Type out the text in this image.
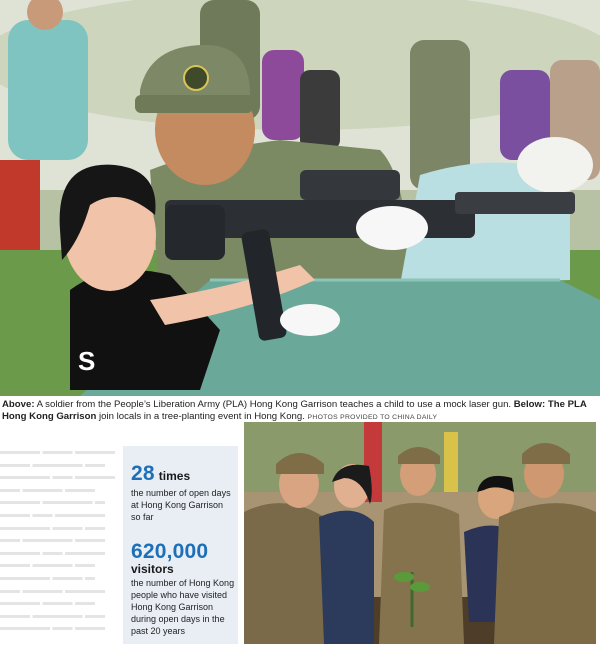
S
Above: A soldier from the People’s Liberation Army (PLA) Hong Kong Garrison teaches a child to use a mock laser gun. Below: The PLA Hong Kong Garrison join locals in a tree-planting event in Hong Kong. PHOTOS PROVIDED TO CHINA DAILY
▬▬▬▬ ▬▬▬ ▬▬▬▬
▬▬▬ ▬▬▬▬▬ ▬▬
▬▬▬▬▬ ▬▬ ▬▬▬▬
▬▬ ▬▬▬▬ ▬▬▬
▬▬▬▬ ▬▬▬▬▬ ▬
▬▬▬ ▬▬ ▬▬▬▬▬
▬▬▬▬▬ ▬▬▬ ▬▬
▬▬ ▬▬▬▬▬ ▬▬▬
▬▬▬▬ ▬▬ ▬▬▬▬
▬▬▬ ▬▬▬▬ ▬▬
▬▬▬▬▬ ▬▬▬ ▬
▬▬ ▬▬▬▬ ▬▬▬▬
▬▬▬▬ ▬▬▬ ▬▬
▬▬▬ ▬▬▬▬▬ ▬▬
▬▬▬▬▬ ▬▬ ▬▬▬
28 times
the number of open days at Hong Kong Garrison so far
620,000
visitors
the number of Hong Kong people who have visited Hong Kong Garrison during open days in the past 20 years
